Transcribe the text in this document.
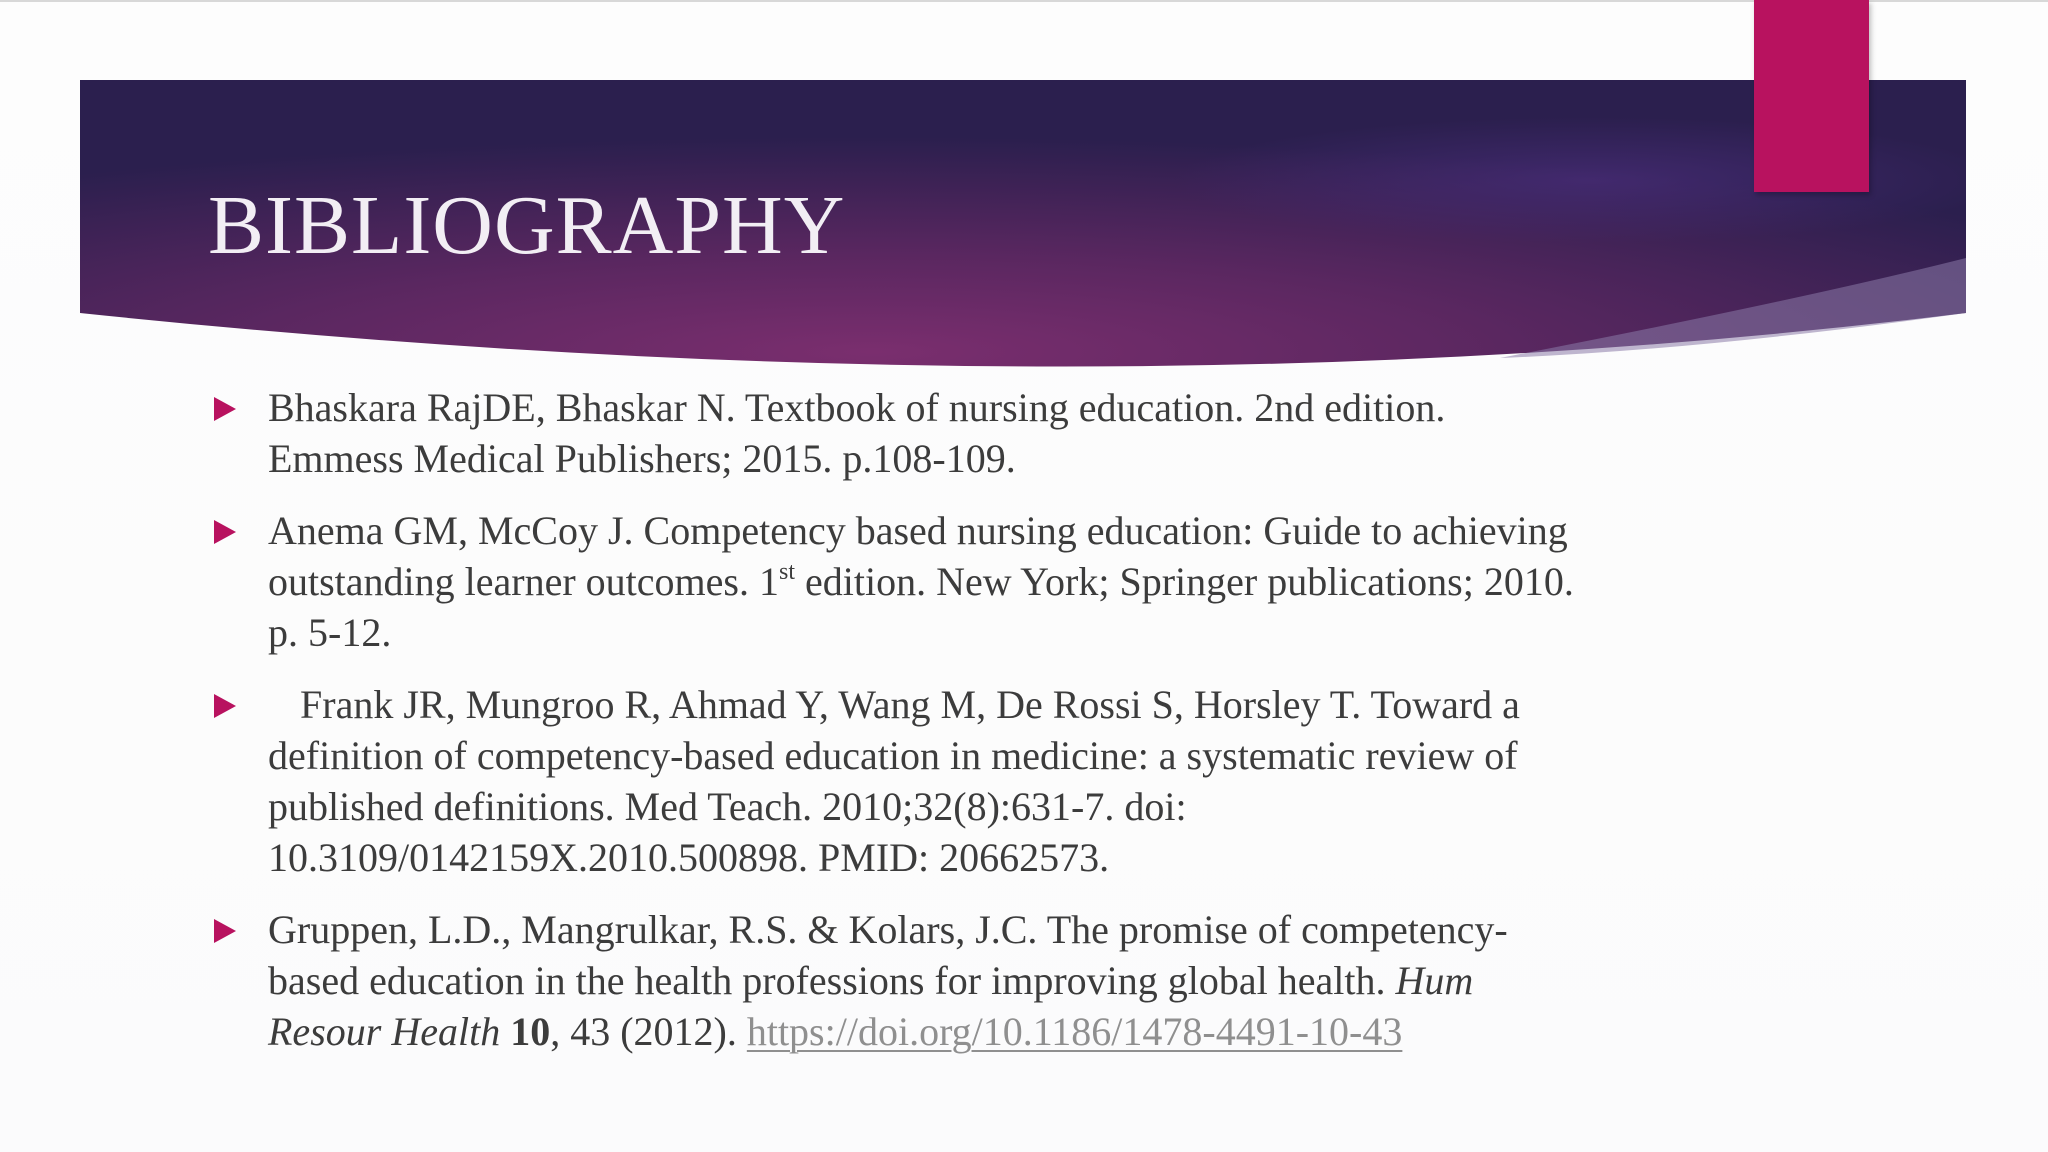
BIBLIOGRAPHY
Bhaskara RajDE, Bhaskar N. Textbook of nursing education. 2nd edition.
Emmess Medical Publishers; 2015. p.108-109.
Anema GM, McCoy J. Competency based nursing education: Guide to achieving
outstanding learner outcomes. 1st edition. New York; Springer publications; 2010.
p. 5-12.
Frank JR, Mungroo R, Ahmad Y, Wang M, De Rossi S, Horsley T. Toward a
definition of competency-based education in medicine: a systematic review of
published definitions. Med Teach. 2010;32(8):631-7. doi:
10.3109/0142159X.2010.500898. PMID: 20662573.
Gruppen, L.D., Mangrulkar, R.S. & Kolars, J.C. The promise of competency-
based education in the health professions for improving global health. Hum
Resour Health 10, 43 (2012). https://doi.org/10.1186/1478-4491-10-43
